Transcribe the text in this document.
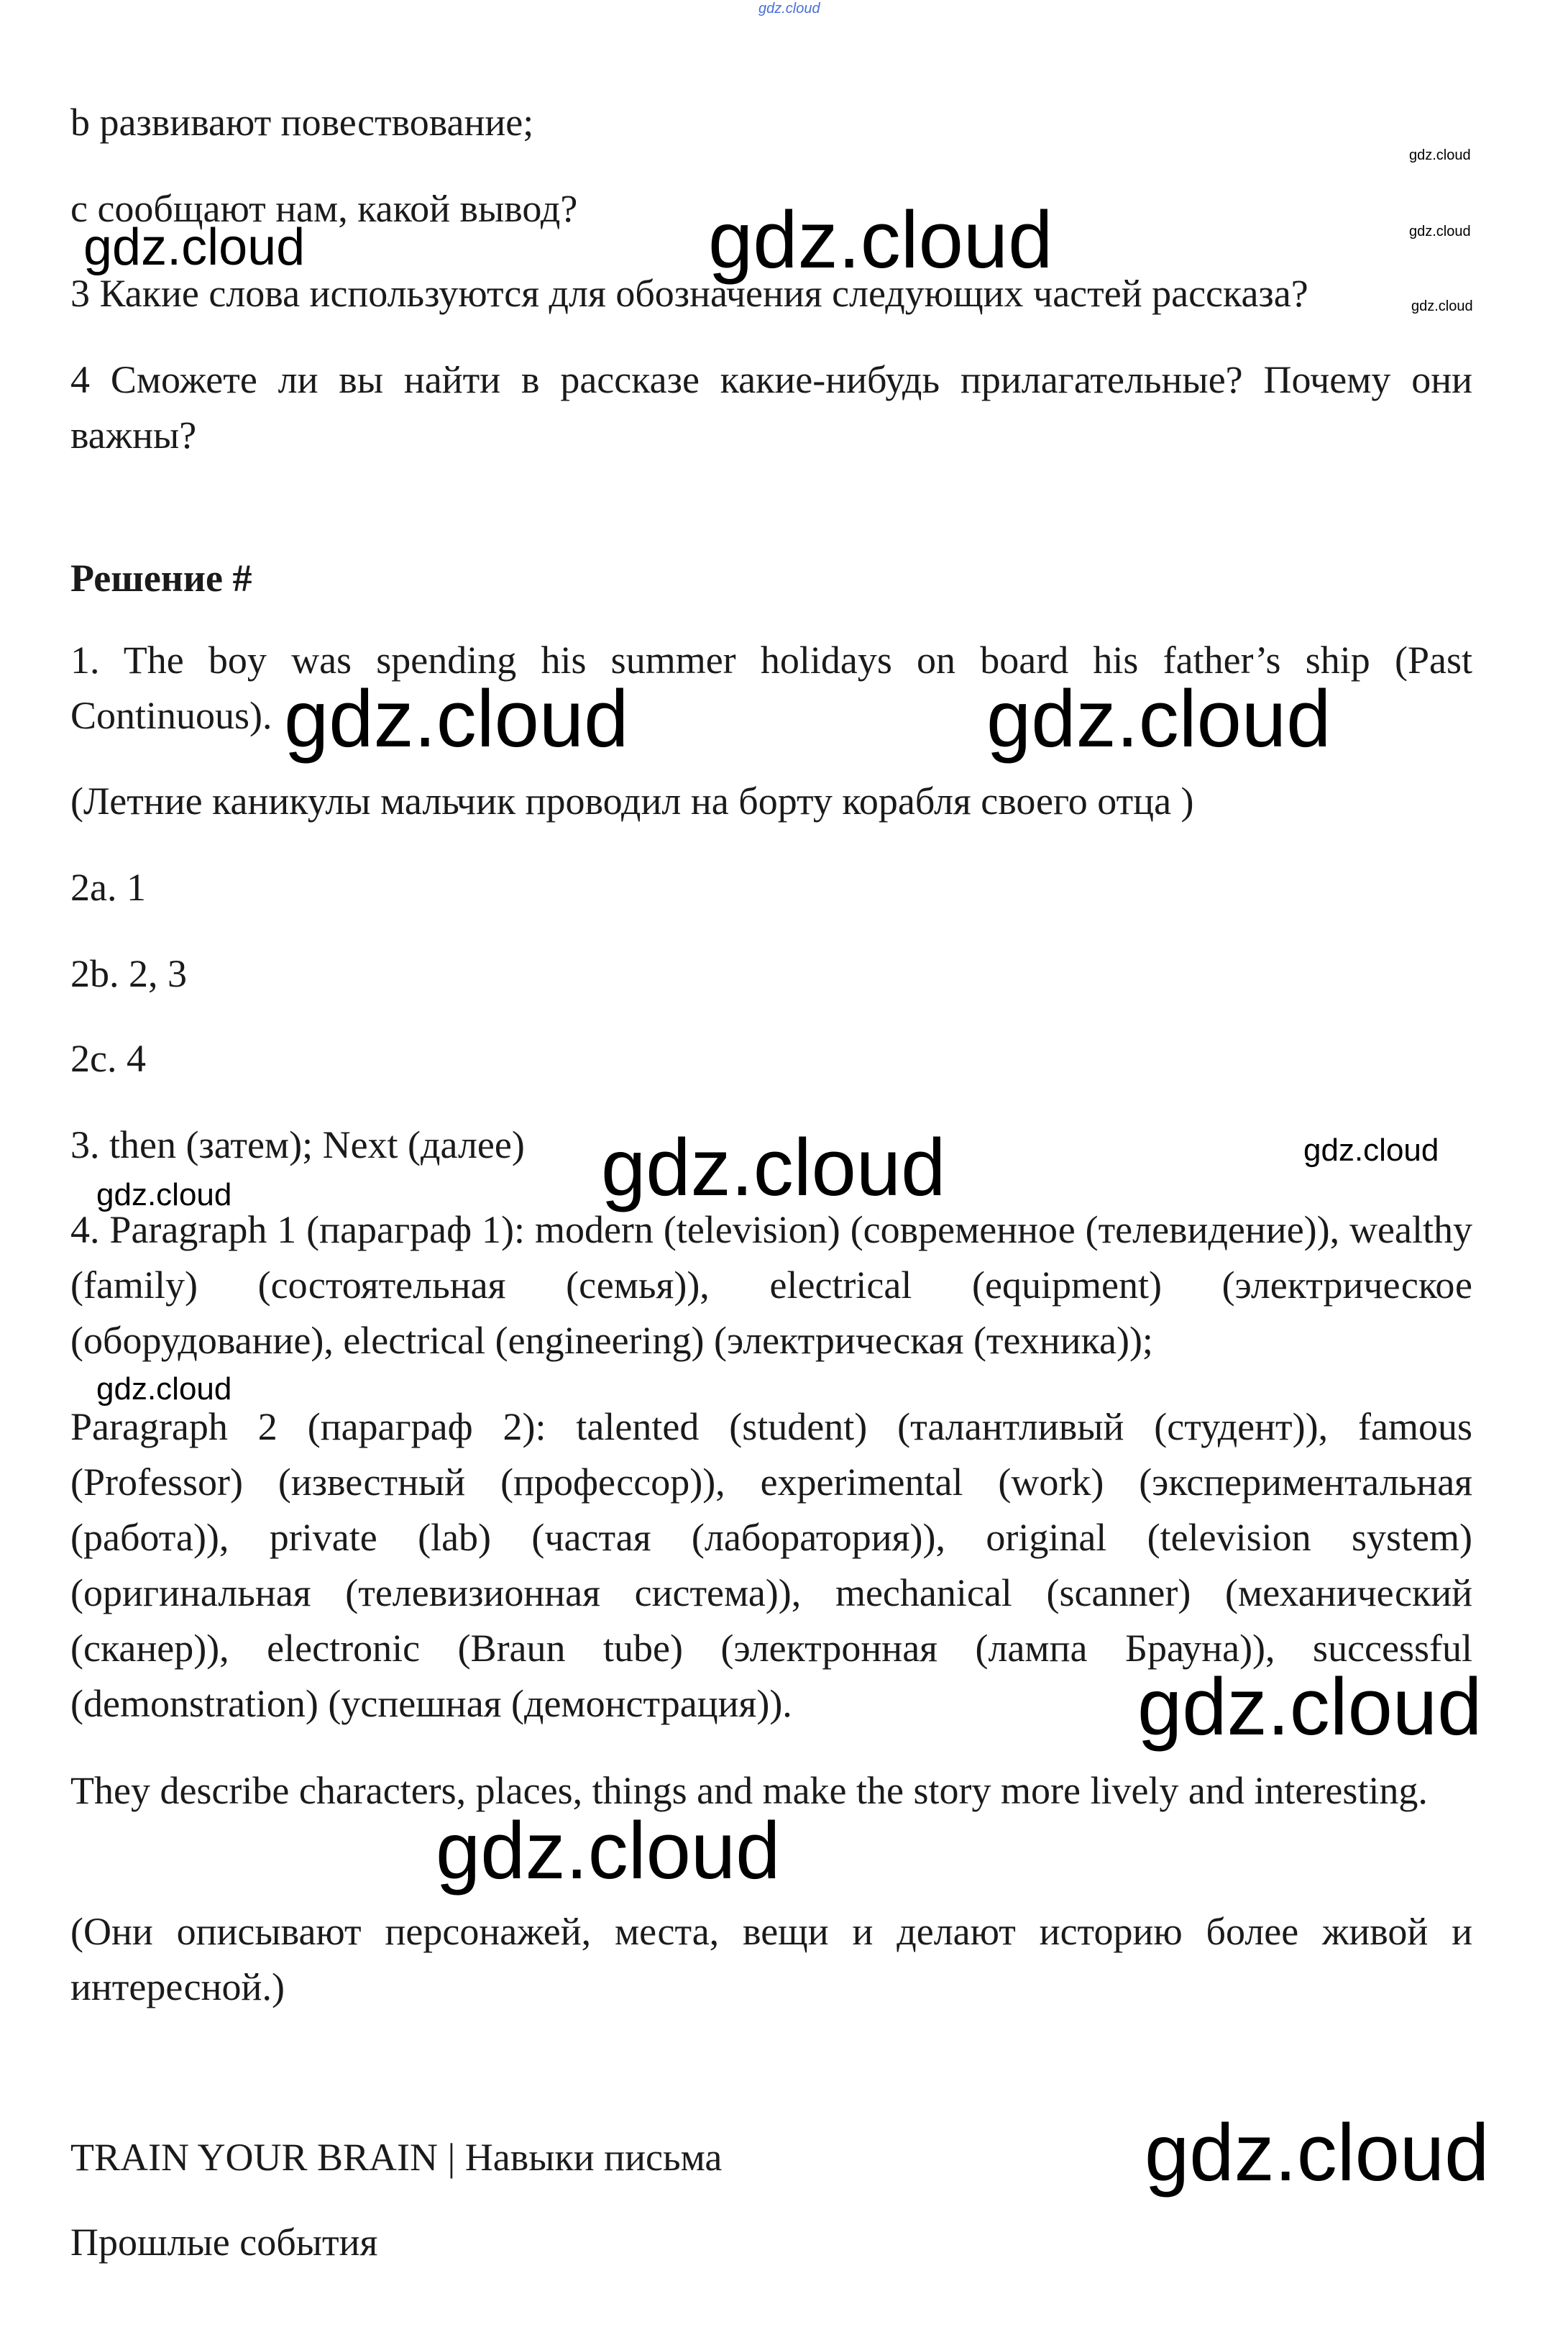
gdz.cloud

b развивают повествование;

c сообщают нам, какой вывод?

3 Какие слова используются для обозначения следующих частей рассказа?

4 Сможете ли вы найти в рассказе какие-нибудь прилагательные? Почему они важны?

Решение #

1. The boy was spending his summer holidays on board his father’s ship (Past Continuous).

(Летние каникулы мальчик проводил на борту корабля своего отца )

2a. 1

2b. 2, 3

2c. 4

3. then (затем); Next (далее)

4. Paragraph 1 (параграф 1): modern (television) (современное (телевидение)), wealthy (family) (состоятельная (семья)), electrical (equipment) (электрическое (оборудование), electrical (engineering) (электрическая (техника));

Paragraph 2 (параграф 2): talented (student) (талантливый (студент)), famous (Professor) (известный (профессор)), experimental (work) (экспериментальная (работа)), private (lab) (частая (лаборатория)), original (television system) (оригинальная (телевизионная система)), mechanical (scanner) (механический (сканер)), electronic (Braun tube) (электронная (лампа Брауна)), successful (demonstration) (успешная (демонстрация)).

They describe characters, places, things and make the story more lively and interesting.

(Они описывают персонажей, места, вещи и делают историю более живой и интересной.)

TRAIN YOUR BRAIN | Навыки письма

Прошлые события

gdz.cloud
gdz.cloud
gdz.cloud
gdz.cloud	gdz.cloud
gdz.cloud	gdz.cloud
gdz.cloud	gdz.cloud
gdz.cloud
gdz.cloud
gdz.cloud
gdz.cloud
gdz.cloud
